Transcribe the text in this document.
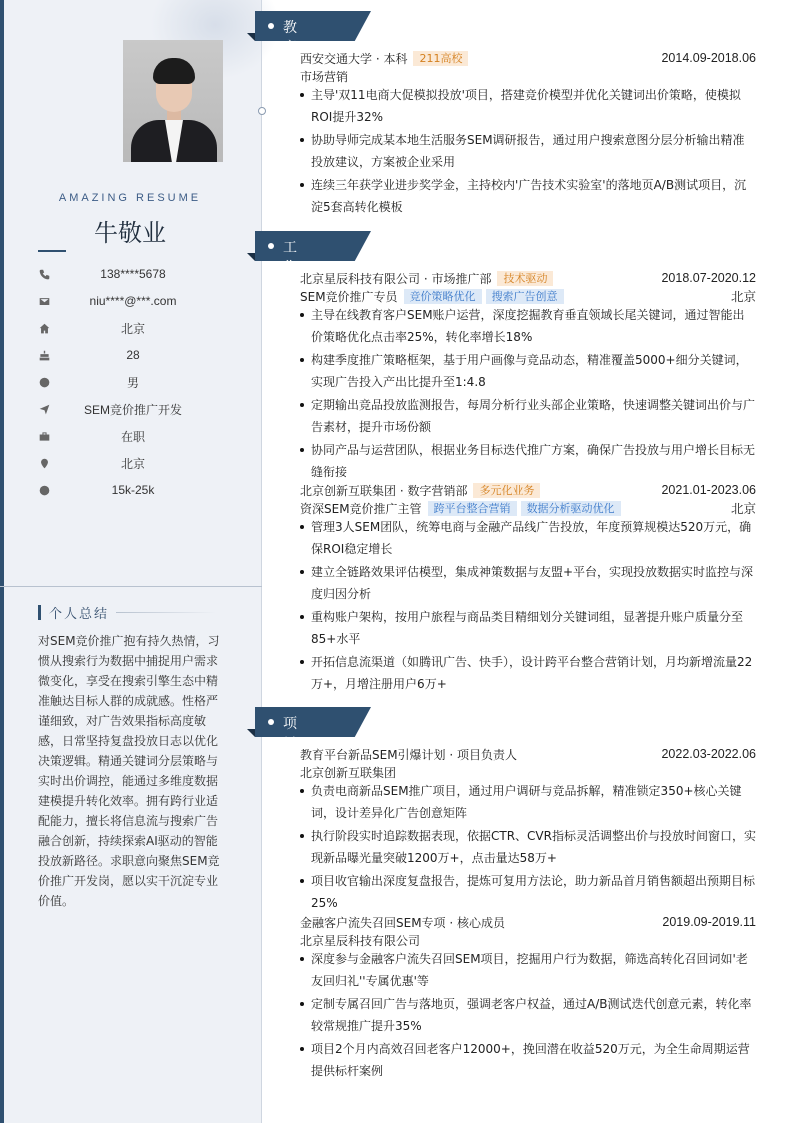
AMAZING RESUME
牛敬业
138****5678
niu****@***.com
北京
28
男
SEM竞价推广开发
在职
北京
15k-25k
个人总结
对SEM竞价推广抱有持久热情，习惯从搜索行为数据中捕捉用户需求微变化，享受在搜索引擎生态中精准触达目标人群的成就感。性格严谨细致，对广告效果指标高度敏感，日常坚持复盘投放日志以优化决策逻辑。精通关键词分层策略与实时出价调控，能通过多维度数据建模提升转化效率。拥有跨行业适配能力，擅长将信息流与搜索广告融合创新，持续探索AI驱动的智能投放新路径。求职意向聚焦SEM竞价推广开发岗，愿以实干沉淀专业价值。
教育经历
西安交通大学 · 本科	211高校	2014.09-2018.06
市场营销
主导'双11电商大促模拟投放'项目，搭建竞价模型并优化关键词出价策略，使模拟ROI提升32%
协助导师完成某本地生活服务SEM调研报告，通过用户搜索意图分层分析输出精准投放建议，方案被企业采用
连续三年获学业进步奖学金，主持校内'广告技术实验室'的落地页A/B测试项目，沉淀5套高转化模板
工作经历
北京星辰科技有限公司 · 市场推广部	技术驱动	2018.07-2020.12
SEM竞价推广专员	竞价策略优化	搜索广告创意	北京
主导在线教育客户SEM账户运营，深度挖掘教育垂直领域长尾关键词，通过智能出价策略优化点击率25%，转化率增长18%
构建季度推广策略框架，基于用户画像与竞品动态，精准覆盖5000+细分关键词，实现广告投入产出比提升至1:4.8
定期输出竞品投放监测报告，每周分析行业头部企业策略，快速调整关键词出价与广告素材，提升市场份额
协同产品与运营团队，根据业务目标迭代推广方案，确保广告投放与用户增长目标无缝衔接
北京创新互联集团 · 数字营销部	多元化业务	2021.01-2023.06
资深SEM竞价推广主管	跨平台整合营销	数据分析驱动优化	北京
管理3人SEM团队，统筹电商与金融产品线广告投放，年度预算规模达520万元，确保ROI稳定增长
建立全链路效果评估模型，集成神策数据与友盟+平台，实现投放数据实时监控与深度归因分析
重构账户架构，按用户旅程与商品类目精细划分关键词组，显著提升账户质量分至85+水平
开拓信息流渠道（如腾讯广告、快手），设计跨平台整合营销计划，月均新增流量22万+，月增注册用户6万+
项目经历
教育平台新品SEM引爆计划 · 项目负责人	2022.03-2022.06
北京创新互联集团
负责电商新品SEM推广项目，通过用户调研与竞品拆解，精准锁定350+核心关键词，设计差异化广告创意矩阵
执行阶段实时追踪数据表现，依据CTR、CVR指标灵活调整出价与投放时间窗口，实现新品曝光量突破1200万+，点击量达58万+
项目收官输出深度复盘报告，提炼可复用方法论，助力新品首月销售额超出预期目标25%
金融客户流失召回SEM专项 · 核心成员	2019.09-2019.11
北京星辰科技有限公司
深度参与金融客户流失召回SEM项目，挖掘用户行为数据，筛选高转化召回词如'老友回归礼''专属优惠'等
定制专属召回广告与落地页，强调老客户权益，通过A/B测试迭代创意元素，转化率较常规推广提升35%
项目2个月内高效召回老客户12000+，挽回潜在收益520万元，为全生命周期运营提供标杆案例
